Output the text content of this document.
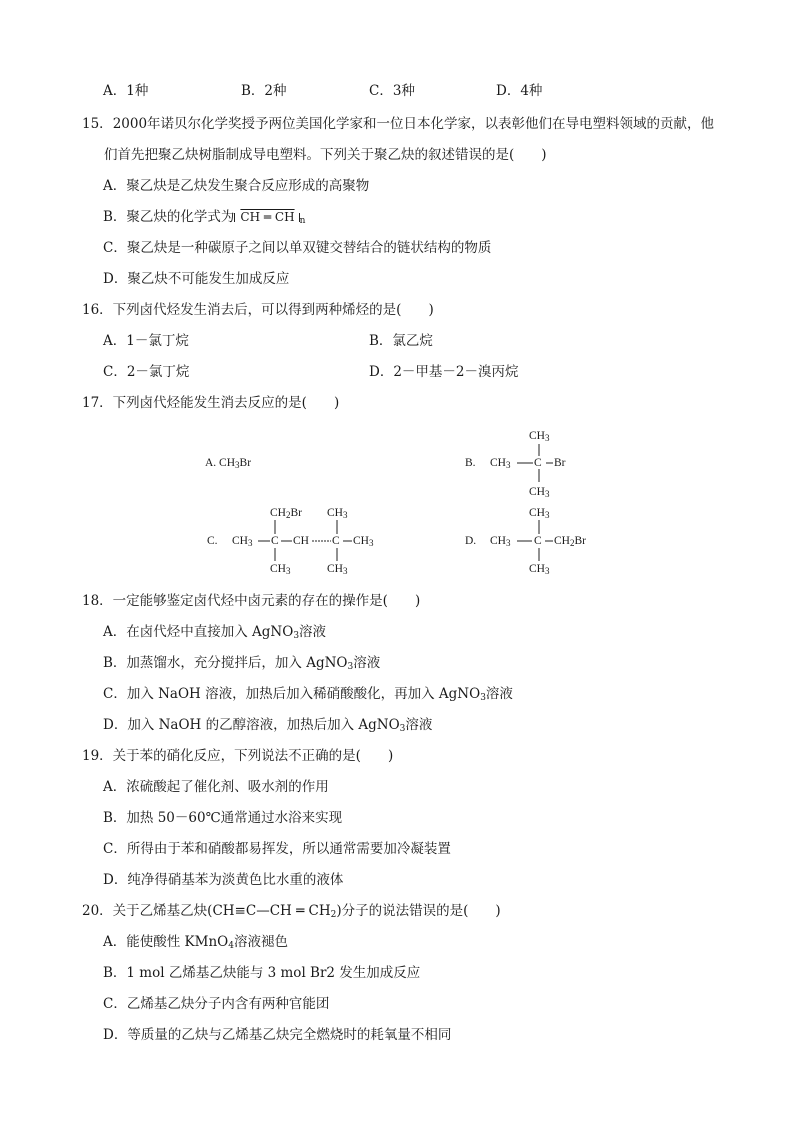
A．1种	B．2种	C．3种	D．4种
15．2000年诺贝尔化学奖授予两位美国化学家和一位日本化学家，以表彰他们在导电塑料领域的贡献，他
们首先把聚乙炔树脂制成导电塑料。下列关于聚乙炔的叙述错误的是(　　)
A．聚乙炔是乙炔发生聚合反应形成的高聚物
B．聚乙炔的化学式为 CH ═ CH $_n$
C．聚乙炔是一种碳原子之间以单双键交替结合的链状结构的物质
D．聚乙炔不可能发生加成反应
16．下列卤代烃发生消去后，可以得到两种烯烃的是(　　)
A．1－氯丁烷	B．氯乙烷
C．2－氯丁烷	D．2－甲基－2－溴丙烷
17．下列卤代烃能发生消去反应的是(　　)
A. $CH_3Br$	B.
$CH_3$
$CH_3$ C Br
$CH_3$
C.
$CH_2Br$ $CH_3$
$CH_3$ C CH C $CH_3$
$CH_3$	$CH_3$
D.
$CH_3$
$CH_3$ C $CH_2Br$
$CH_3$
18．一定能够鉴定卤代烃中卤元素的存在的操作是(　　)
A．在卤代烃中直接加入 AgNO$_3$溶液
B．加蒸馏水，充分搅拌后，加入 AgNO$_3$溶液
C．加入 NaOH 溶液，加热后加入稀硝酸酸化，再加入 AgNO$_3$溶液
D．加入 NaOH 的乙醇溶液，加热后加入 AgNO$_3$溶液
19．关于苯的硝化反应，下列说法不正确的是(　　)
A．浓硫酸起了催化剂、吸水剂的作用
B．加热 50－60℃通常通过水浴来实现
C．所得由于苯和硝酸都易挥发，所以通常需要加冷凝装置
D．纯净得硝基苯为淡黄色比水重的液体
20．关于乙烯基乙炔(CH≡C—CH ═ $CH_2$)分子的说法错误的是(　　)
A．能使酸性 KMnO$_4$溶液褪色
B．1 mol 乙烯基乙炔能与 3 mol Br2 发生加成反应
C．乙烯基乙炔分子内含有两种官能团
D．等质量的乙炔与乙烯基乙炔完全燃烧时的耗氧量不相同
